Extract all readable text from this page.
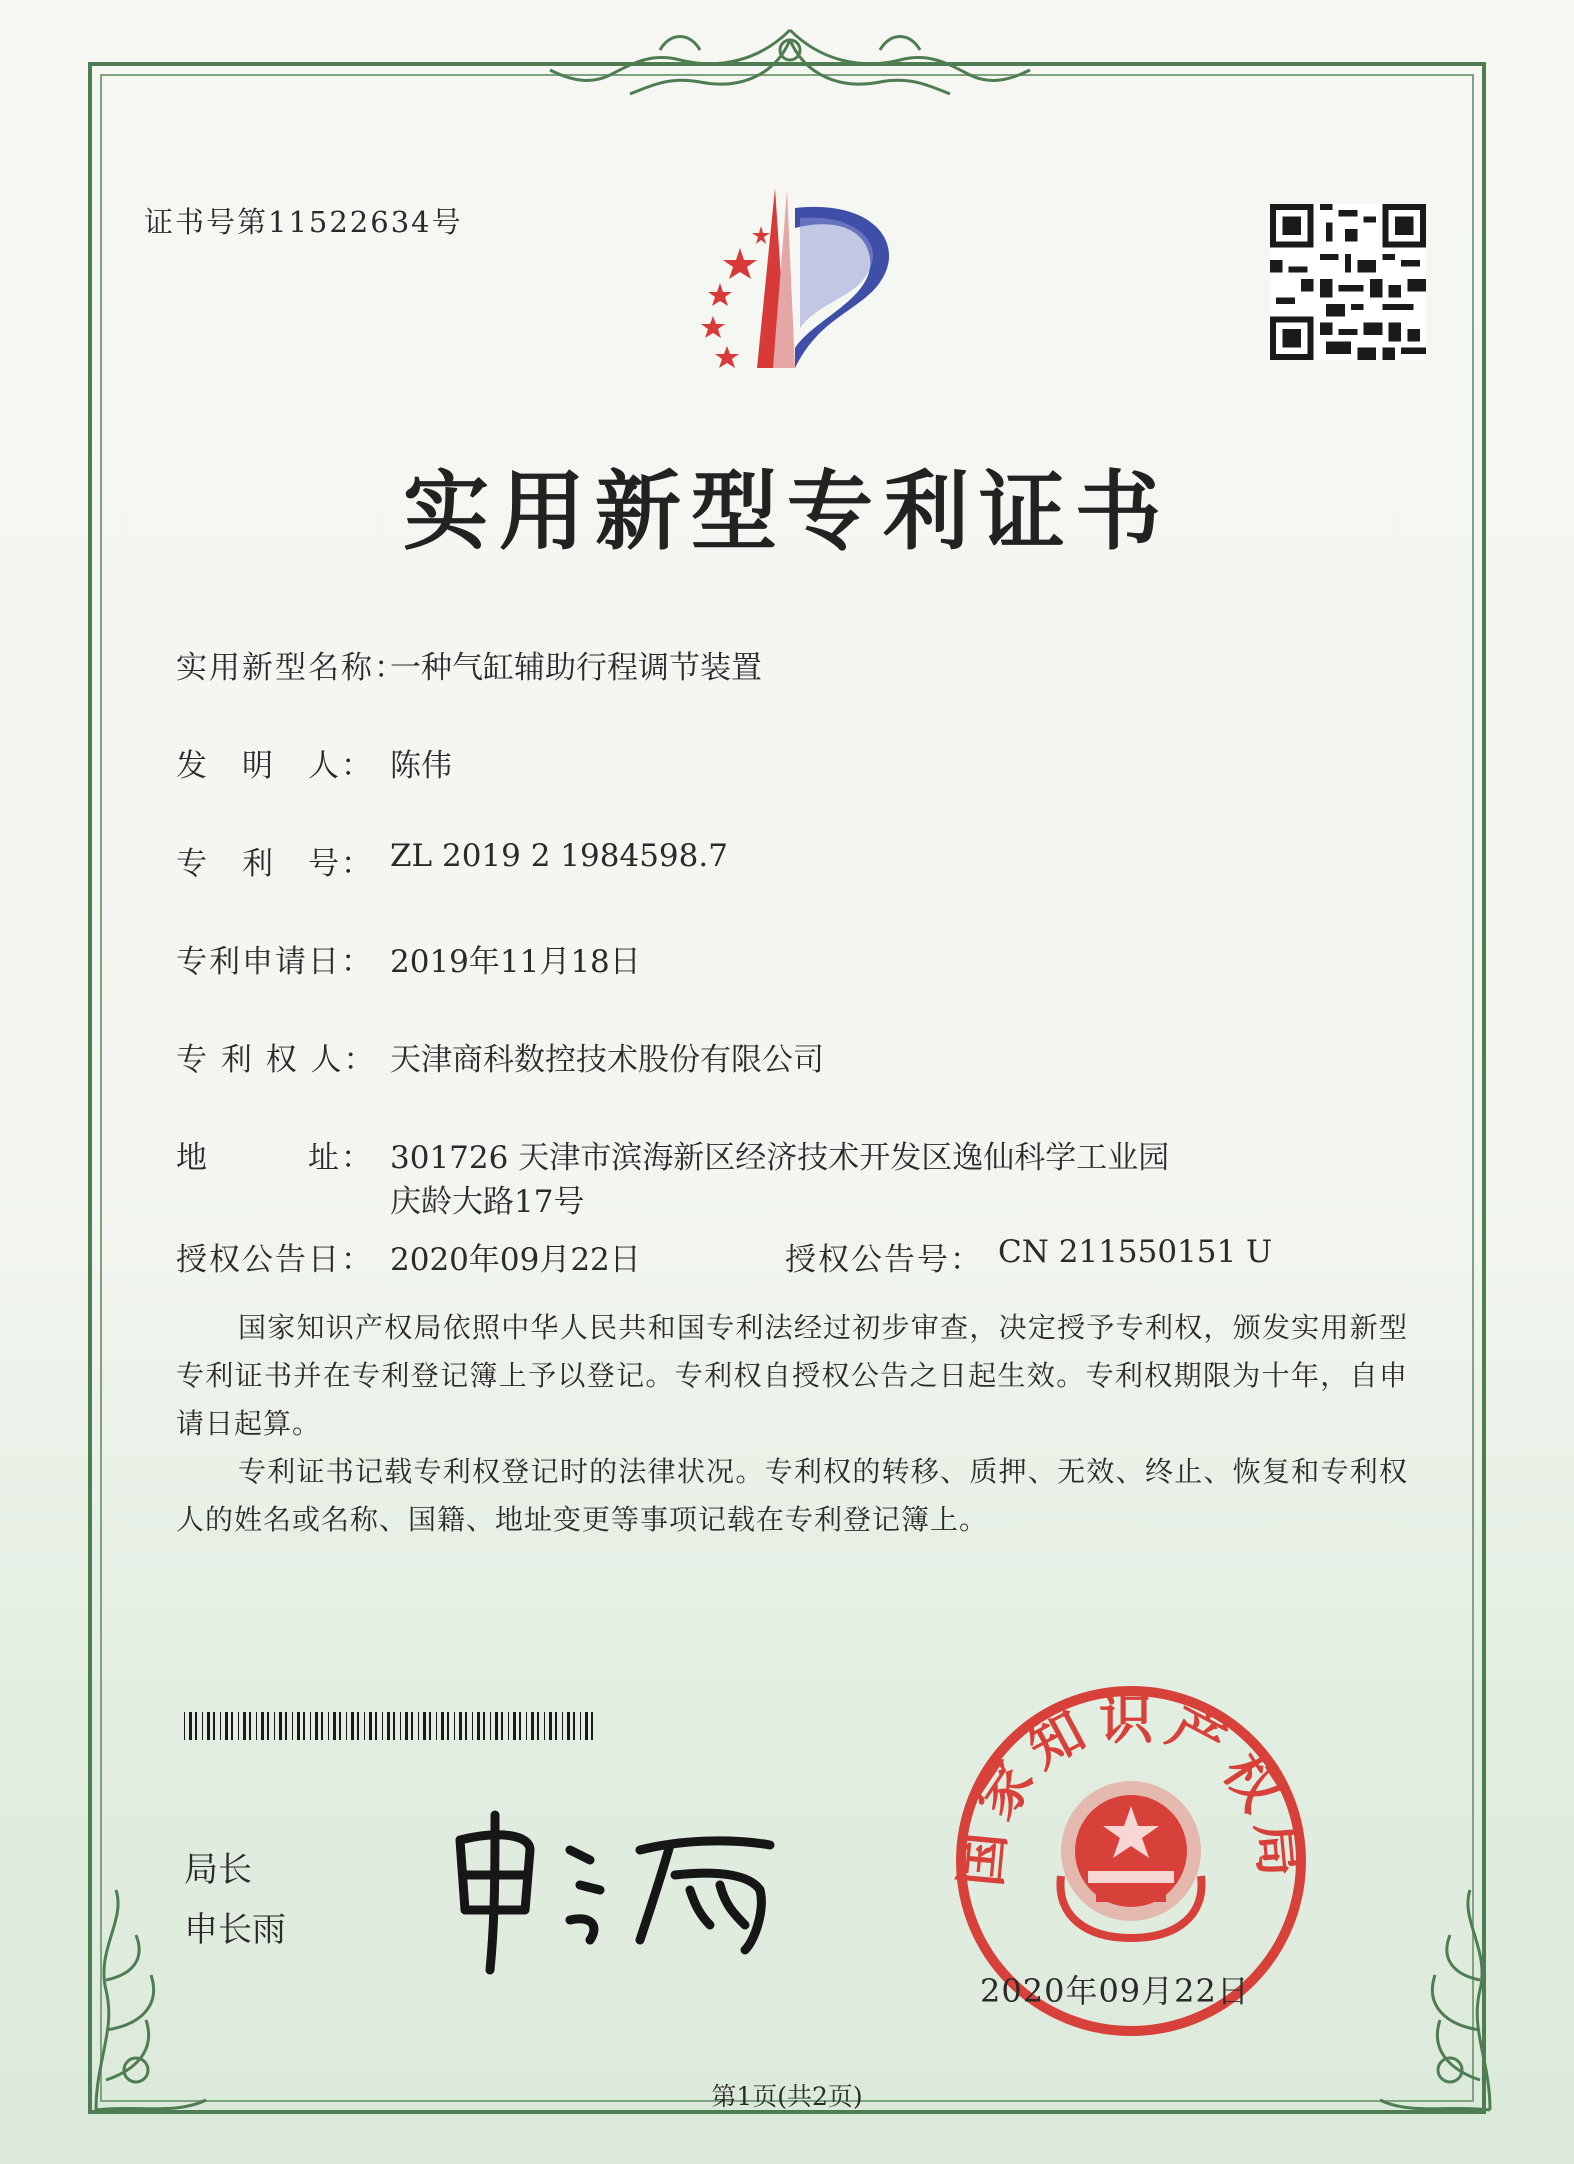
证书号第11522634号
实用新型专利证书
实用新型名称：
一种气缸辅助行程调节装置
发　明　人： 陈伟
专　利　号： ZL 2019 2 1984598.7
专利申请日： 2019年11月18日
专 利 权 人： 天津商科数控技术股份有限公司
地　　　址： 301726 天津市滨海新区经济技术开发区逸仙科学工业园
庆龄大路17号
授权公告日： 2020年09月22日	授权公告号： CN 211550151 U
国家知识产权局依照中华人民共和国专利法经过初步审查，决定授予专利权，颁发实用新型专利证书并在专利登记簿上予以登记。专利权自授权公告之日起生效。专利权期限为十年，自申请日起算。
专利证书记载专利权登记时的法律状况。专利权的转移、质押、无效、终止、恢复和专利权人的姓名或名称、国籍、地址变更等事项记载在专利登记簿上。
局长
申长雨
国家知识产权局
2020年09月22日
第1页(共2页)
